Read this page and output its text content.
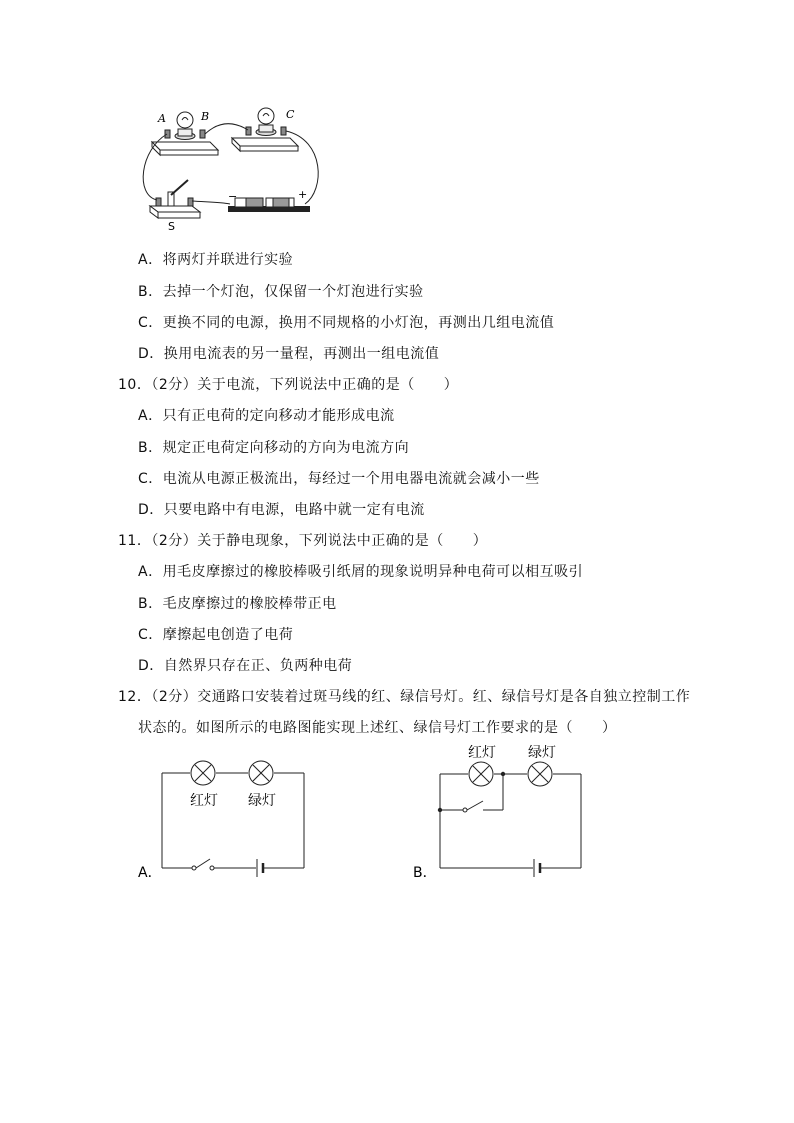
A	B	C
S
−	+
A．将两灯并联进行实验
B．去掉一个灯泡，仅保留一个灯泡进行实验
C．更换不同的电源，换用不同规格的小灯泡，再测出几组电流值
D．换用电流表的另一量程，再测出一组电流值
10．（2分）关于电流，下列说法中正确的是（　　）
A．只有正电荷的定向移动才能形成电流
B．规定正电荷定向移动的方向为电流方向
C．电流从电源正极流出，每经过一个用电器电流就会减小一些
D．只要电路中有电源，电路中就一定有电流
11．（2分）关于静电现象，下列说法中正确的是（　　）
A．用毛皮摩擦过的橡胶棒吸引纸屑的现象说明异种电荷可以相互吸引
B．毛皮摩擦过的橡胶棒带正电
C．摩擦起电创造了电荷
D．自然界只存在正、负两种电荷
12．（2分）交通路口安装着过斑马线的红、绿信号灯。红、绿信号灯是各自独立控制工作
状态的。如图所示的电路图能实现上述红、绿信号灯工作要求的是（　　）
红灯 绿灯
A．
红灯 绿灯
B．
